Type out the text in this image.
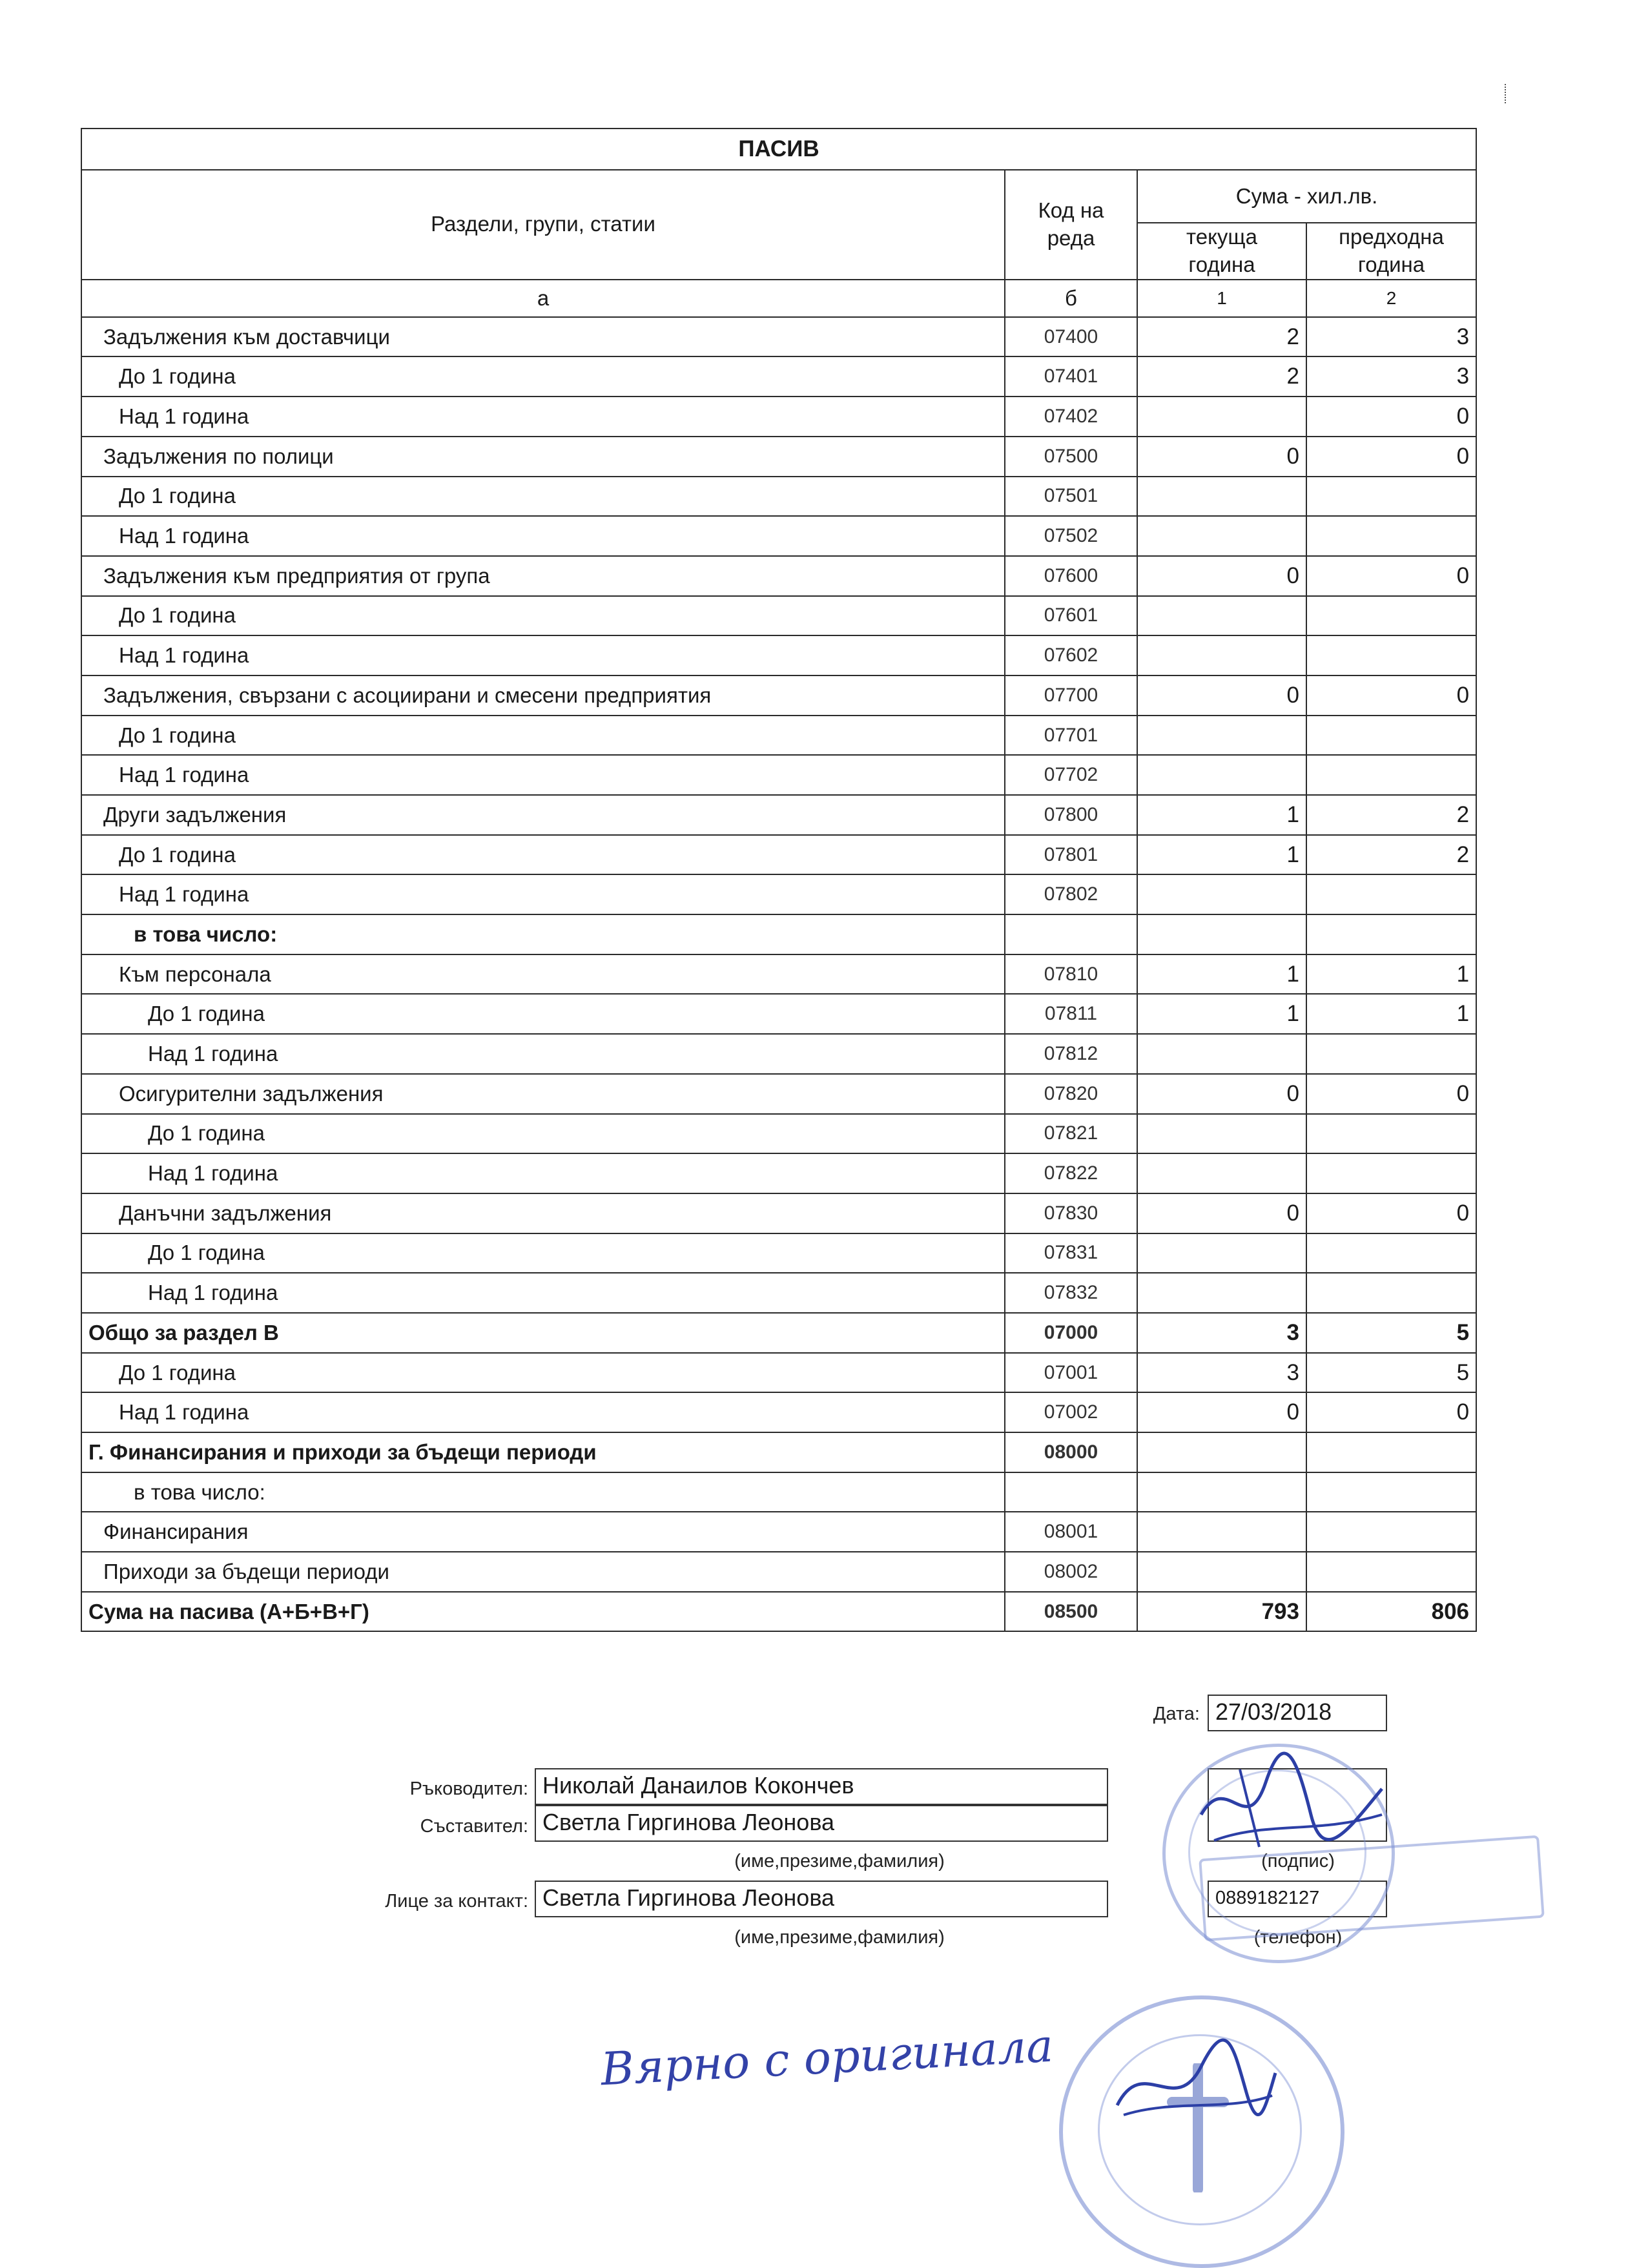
ПАСИВ			
Раздели, групи, статии	Код на реда	Сума - хил.лв.	
		текуща година	предходна година
а	б	1	2
Задължения към доставчици	07400	2	3
До 1 година	07401	2	3
Над 1 година	07402		0
Задължения по полици	07500	0	0
До 1 година	07501		
Над 1 година	07502		
Задължения към предприятия от група	07600	0	0
До 1 година	07601		
Над 1 година	07602		
Задължения, свързани с асоциирани и смесени предприятия	07700	0	0
До 1 година	07701		
Над 1 година	07702		
Други задължения	07800	1	2
До 1 година	07801	1	2
Над 1 година	07802		
в това число:			
Към персонала	07810	1	1
До 1 година	07811	1	1
Над 1 година	07812		
Осигурителни задължения	07820	0	0
До 1 година	07821		
Над 1 година	07822		
Данъчни задължения	07830	0	0
До 1 година	07831		
Над 1 година	07832		
Общо за раздел В	07000	3	5
До 1 година	07001	3	5
Над 1 година	07002	0	0
Г. Финансирания и приходи за бъдещи периоди	08000		
в това число:			
Финансирания	08001		
Приходи за бъдещи периоди	08002		
Сума на пасива (А+Б+В+Г)	08500	793	806
Дата: 27/03/2018
Ръководител: Николай Данаилов Кокончев
Съставител: Светла Гиргинова Леонова
(име,презиме,фамилия)	(подпис)
Лице за контакт: Светла Гиргинова Леонова	0889182127
(име,презиме,фамилия)	(телефон)
Вярно с оригинала
